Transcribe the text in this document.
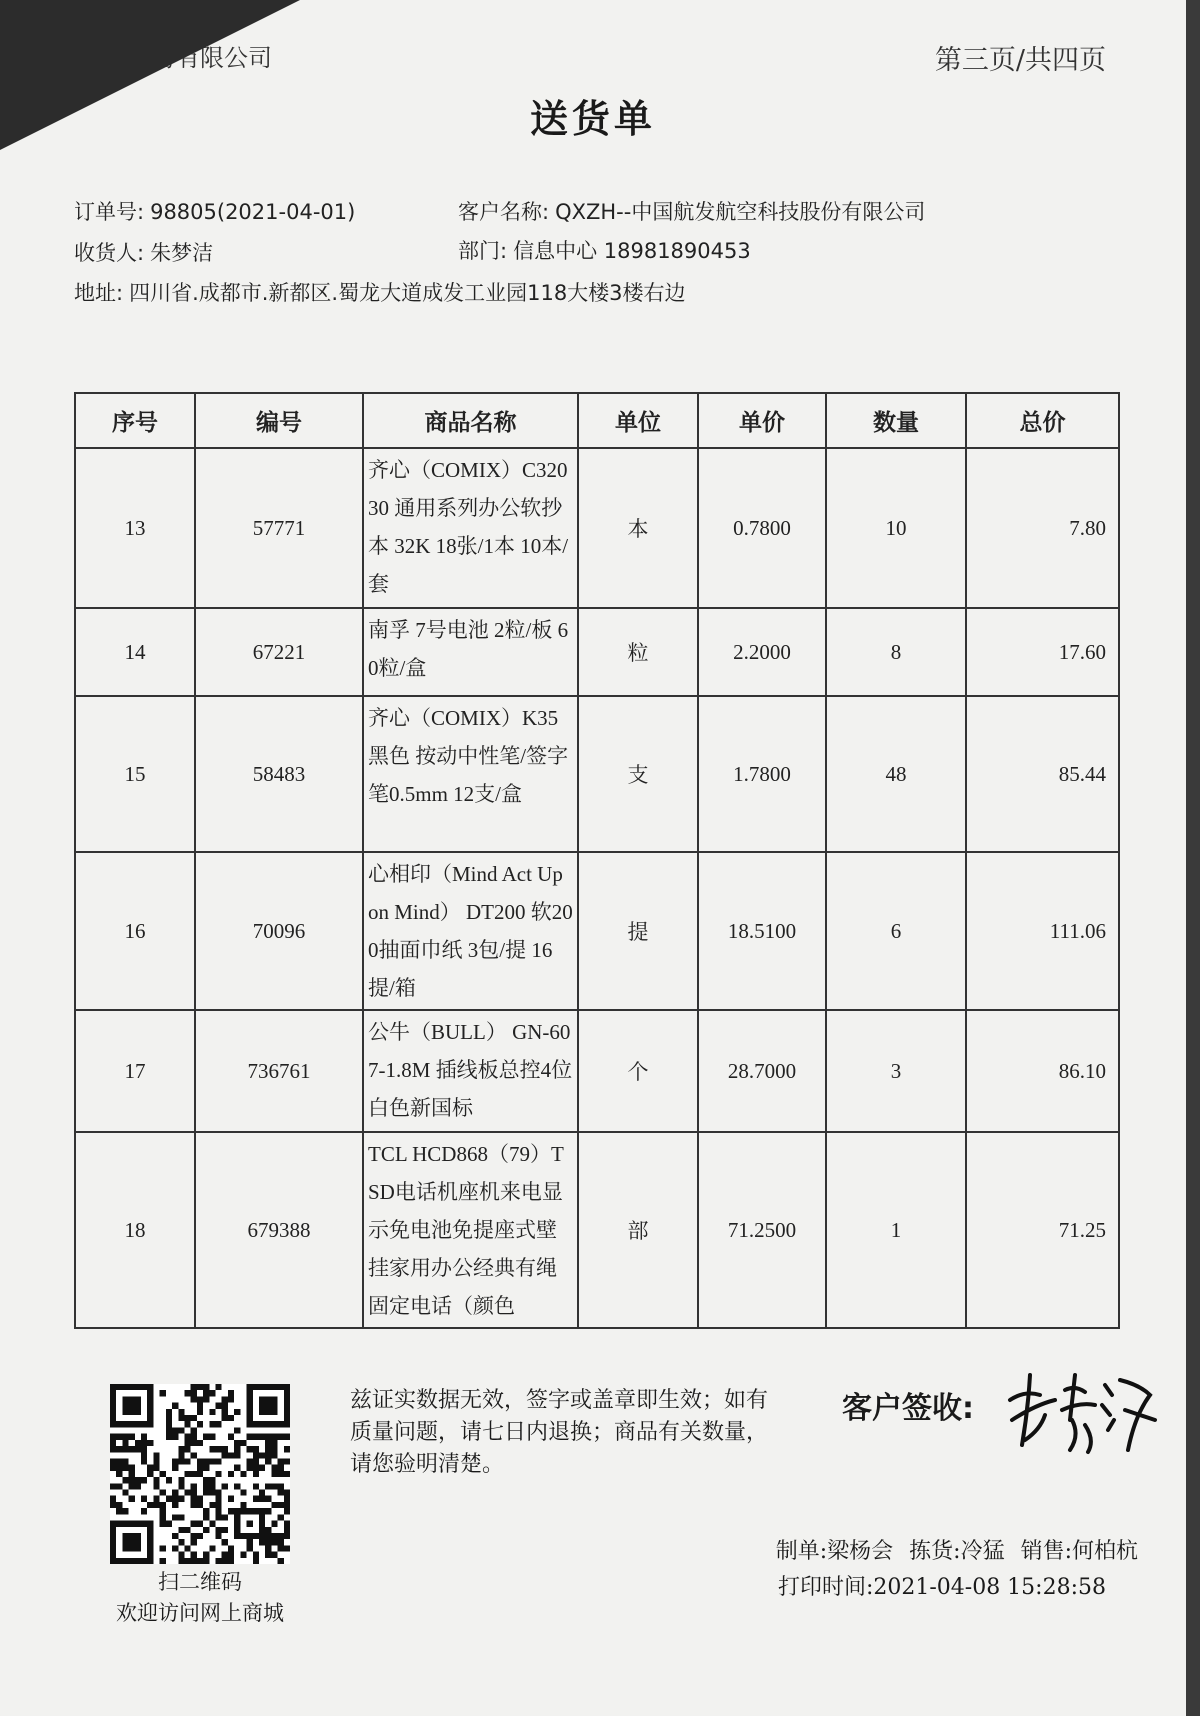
集团股份有限公司	第三页/共四页
送货单
订单号: 98805(2021-04-01)	客户名称: QXZH--中国航发航空科技股份有限公司
收货人: 朱梦洁	部门: 信息中心 18981890453
地址: 四川省.成都市.新都区.蜀龙大道成发工业园118大楼3楼右边
序号	编号	商品名称	单位	单价	数量	总价
13	57771	齐心（COMIX）C32030 通用系列办公软抄本 32K 18张/1本 10本/套	本	0.7800	10	7.80
14	67221	南孚 7号电池 2粒/板 60粒/盒	粒	2.2000	8	17.60
15	58483	齐心（COMIX）K35黑色 按动中性笔/签字笔0.5mm 12支/盒	支	1.7800	48	85.44
16	70096	心相印（Mind Act Upon Mind） DT200 软200抽面巾纸 3包/提 16提/箱	提	18.5100	6	111.06
17	736761	公牛（BULL） GN-607-1.8M 插线板总控4位白色新国标	个	28.7000	3	86.10
18	679388	TCL HCD868（79）TSD电话机座机来电显示免电池免提座式壁挂家用办公经典有绳固定电话（颜色	部	71.2500	1	71.25
扫二维码
欢迎访问网上商城
兹证实数据无效，签字或盖章即生效；如有质量问题，请七日内退换；商品有关数量，请您验明清楚。
客户签收:
制单:梁杨会 拣货:冷猛 销售:何柏杭
打印时间:2021-04-08 15:28:58
